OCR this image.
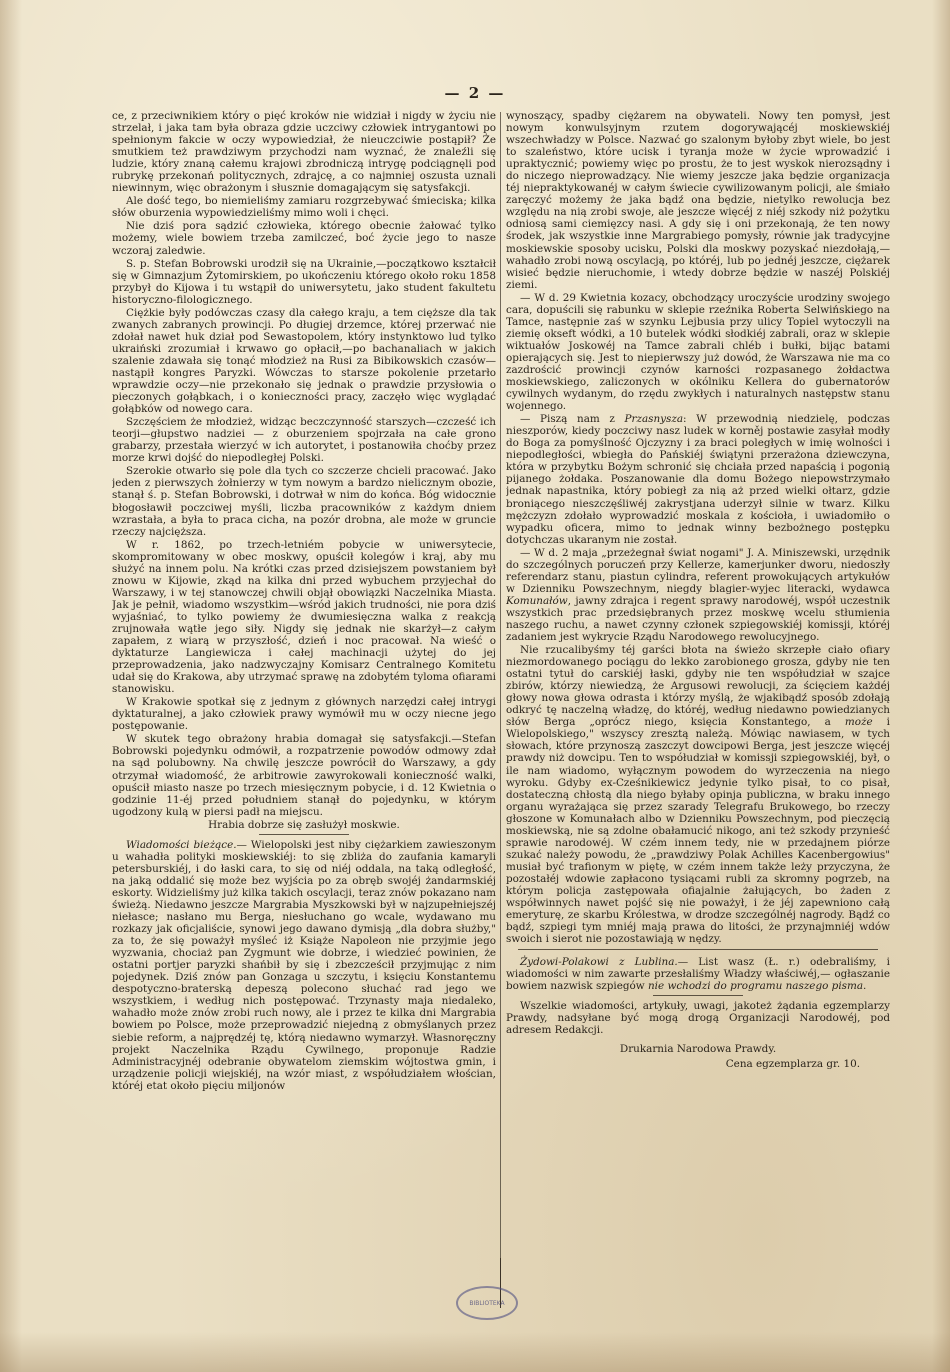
— 2 —

ce, z przeciwnikiem który o pięć kroków nie widział i nigdy w życiu nie strzelał, i jaka tam była obraza gdzie uczciwy człowiek intrygantowi po spełnionym fakcie w oczy wypowiedział, że nieuczciwie postąpił? Że smutkiem też prawdziwym przychodzi nam wyznać, że znaleźli się ludzie, który znaną całemu krajowi zbrodniczą intrygę podciągnęli pod rubrykę przekonań politycznych, zdrajcę, a co najmniej oszusta uznali niewinnym, więc obrażonym i słusznie domagającym się satysfakcji.

Ale dość tego, bo niemieliśmy zamiaru rozgrzebywać śmieciska; kilka słów oburzenia wypowiedzieliśmy mimo woli i chęci.

Nie dziś pora sądzić człowieka, którego obecnie żałować tylko możemy, wiele bowiem trzeba zamilczeć, boć życie jego to nasze wczoraj zaledwie.

S. p. Stefan Bobrowski urodził się na Ukrainie,—początkowo kształcił się w Gimnazjum Żytomirskiem, po ukończeniu którego około roku 1858 przybył do Kijowa i tu wstąpił do uniwersytetu, jako student fakultetu historyczno-filologicznego.

Ciężkie były podówczas czasy dla całego kraju, a tem cięższe dla tak zwanych zabranych prowincji. Po długiej drzemce, której przerwać nie zdołał nawet huk dział pod Sewastopolem, który instynktowo lud tylko ukraiński zrozumiał i krwawo go opłacił,—po bachanaliach w jakich szalenie zdawała się tonąć młodzież na Rusi za Bibikowskich czasów—nastąpił kongres Paryzki. Wówczas to starsze pokolenie przetarło wprawdzie oczy—nie przekonało się jednak o prawdzie przysłowia o pieczonych gołąbkach, i o konieczności pracy, zaczęło więc wyglądać gołąbków od nowego cara.

Szczęściem że młodzież, widząc beczczynność starszych—czcześć ich teorji—głupstwo nadziei — z oburzeniem spojrzała na całe grono grabarzy, przestała wierzyć w ich autorytet, i postanowiła choćby przez morze krwi dojść do niepodległej Polski.

Szerokie otwarło się pole dla tych co szczerze chcieli pracować. Jako jeden z pierwszych żołnierzy w tym nowym a bardzo nielicznym obozie, stanął ś. p. Stefan Bobrowski, i dotrwał w nim do końca. Bóg widocznie błogosławił poczciwej myśli, liczba pracowników z każdym dniem wzrastała, a była to praca cicha, na pozór drobna, ale może w gruncie rzeczy najcięższa.

W r. 1862, po trzech-letniém pobycie w uniwersytecie, skompromitowany w obec moskwy, opuścił kolegów i kraj, aby mu służyć na innem polu. Na krótki czas przed dzisiejszem powstaniem był znowu w Kijowie, zkąd na kilka dni przed wybuchem przyjechał do Warszawy, i w tej stanowczej chwili objął obowiązki Naczelnika Miasta. Jak je pełnił, wiadomo wszystkim—wśród jakich trudności, nie pora dziś wyjaśniać, to tylko powiemy że dwumiesięczna walka z reakcją zrujnowała wątłe jego siły. Nigdy się jednak nie skarżył—z całym zapałem, z wiarą w przyszłość, dzień i noc pracował. Na wieść o dyktaturze Langiewicza i całej machinacji użytej do jej przeprowadzenia, jako nadzwyczajny Komisarz Centralnego Komitetu udał się do Krakowa, aby utrzymać sprawę na zdobytém tyloma ofiarami stanowisku.

W Krakowie spotkał się z jednym z głównych narzędzi całej intrygi dyktaturalnej, a jako człowiek prawy wymówił mu w oczy niecne jego postępowanie.

W skutek tego obrażony hrabia domagał się satysfakcji.—Stefan Bobrowski pojedynku odmówił, a rozpatrzenie powodów odmowy zdał na sąd polubowny. Na chwilę jeszcze powrócił do Warszawy, a gdy otrzymał wiadomość, że arbitrowie zawyrokowali konieczność walki, opuścił miasto nasze po trzech miesięcznym pobycie, i d. 12 Kwietnia o godzinie 11-éj przed południem stanął do pojedynku, w którym ugodzony kulą w piersi padł na miejscu.

Hrabia dobrze się zasłużył moskwie.

Wiadomości bieżące.— Wielopolski jest niby ciężarkiem zawieszonym u wahadła polityki moskiewskiéj: to się zbliża do zaufania kamaryli petersburskiéj, i do łaski cara, to się od niéj oddala, na taką odległość, na jaką oddalić się może bez wyjścia po za obręb swojéj żandarmskiéj eskorty. Widzieliśmy już kilka takich oscylacji, teraz znów pokazano nam świeżą. Niedawno jeszcze Margrabia Myszkowski był w najzupełniejszéj niełasce; nasłano mu Berga, niesłuchano go wcale, wydawano mu rozkazy jak oficjaliście, synowi jego dawano dymisją „dla dobra służby," za to, że się poważył myśleć iż Książe Napoleon nie przyjmie jego wyzwania, chociaż pan Zygmunt wie dobrze, i wiedzieć powinien, że ostatni portjer paryzki shańbił by się i zbezcześcił przyjmując z nim pojedynek. Dziś znów pan Gonzaga u szczytu, i księciu Konstantemu despotyczno-braterską depeszą polecono słuchać rad jego we wszystkiem, i według nich postępować. Trzynasty maja niedaleko, wahadło może znów zrobi ruch nowy, ale i przez te kilka dni Margrabia bowiem po Polsce, może przeprowadzić niejedną z obmyślanych przez siebie reform, a najprędzéj tę, którą niedawno wymarzył. Własnoręczny projekt Naczelnika Rządu Cywilnego, proponuje Radzie Administracyjnéj odebranie obywatelom ziemskim wójtostwa gmin, i urządzenie policji wiejskiéj, na wzór miast, z współudziałem włościan, któréj etat około pięciu miljonów

wynoszący, spadby ciężarem na obywateli. Nowy ten pomysł, jest nowym konwulsyjnym rzutem dogorywającéj moskiewskiéj wszechwładzy w Polsce. Nazwać go szalonym byłoby zbyt wiele, bo jest to szaleństwo, które ucisk i tyranja może w życie wprowadzić i upraktycznić; powiemy więc po prostu, że to jest wyskok nierozsądny i do niczego nieprowadzący. Nie wiemy jeszcze jaka będzie organizacja téj niepraktykowanéj w całym świecie cywilizowanym policji, ale śmiało zaręczyć możemy że jaka bądź ona będzie, nietylko rewolucja bez względu na nią zrobi swoje, ale jeszcze więcéj z niéj szkody niż pożytku odniosą sami ciemięzcy nasi. A gdy się i oni przekonają, że ten nowy środek, jak wszystkie inne Margrabiego pomysły, równie jak tradycyjne moskiewskie sposoby ucisku, Polski dla moskwy pozyskać niezdołają,—wahadło zrobi nową oscylacją, po któréj, lub po jednéj jeszcze, ciężarek wisieć będzie nieruchomie, i wtedy dobrze będzie w naszéj Polskiéj ziemi.

— W d. 29 Kwietnia kozacy, obchodzący uroczyście urodziny swojego cara, dopuścili się rabunku w sklepie rzeźnika Roberta Selwińskiego na Tamce, następnie zaś w szynku Lejbusia przy ulicy Topiel wytoczyli na ziemię okseft wódki, a 10 butelek wódki słodkiéj zabrali, oraz w sklepie wiktuałów Joskowéj na Tamce zabrali chléb i bułki, bijąc batami opierających się. Jest to niepierwszy już dowód, że Warszawa nie ma co zazdrościć prowincji czynów karności rozpasanego żołdactwa moskiewskiego, zaliczonych w okólniku Kellera do gubernatorów cywilnych wydanym, do rzędu zwykłych i naturalnych następstw stanu wojennego.

— Piszą nam z Przasnysza: W przewodnią niedzielę, podczas nieszporów, kiedy poczciwy nasz ludek w korněj postawie zasyłał modły do Boga za pomyślność Ojczyzny i za braci poległych w imię wolności i niepodległości, wbiegła do Pańskiéj świątyni przerażona dziewczyna, która w przybytku Bożym schronić się chciała przed napaścią i pogonią pijanego żołdaka. Poszanowanie dla domu Bożego niepowstrzymało jednak napastnika, który pobiegł za nią aż przed wielki ołtarz, gdzie broniącego nieszczęśliwéj zakrystjana uderzył silnie w twarz. Kilku mężczyzn zdołało wyprowadzić moskala z kościoła, i uwiadomiło o wypadku oficera, mimo to jednak winny bezbożnego postępku dotychczas ukaranym nie został.

— W d. 2 maja „przeżegnał świat nogami" J. A. Miniszewski, urzędnik do szczególnych poruczeń przy Kellerze, kamerjunker dworu, niedoszły referendarz stanu, piastun cylindra, referent prowokujących artykułów w Dzienniku Powszechnym, niegdy blagier-wyjec literacki, wydawca Komunałów, jawny zdrajca i regent sprawy narodowéj, współ uczestnik wszystkich prac przedsiębranych przez moskwę wcelu stłumienia naszego ruchu, a nawet czynny członek szpiegowskiéj komissji, któréj zadaniem jest wykrycie Rządu Narodowego rewolucyjnego.

Nie rzucalibyśmy téj garści błota na świeżo skrzepłe ciało ofiary niezmordowanego pociągu do lekko zarobionego grosza, gdyby nie ten ostatni tytuł do carskiéj łaski, gdyby nie ten współudział w szajce zbirów, którzy niewiedzą, że Argusowi rewolucji, za ścięciem każdéj głowy nowa głowa odrasta i którzy myślą, że wjakibądź sposób zdołają odkryć tę naczelną władzę, do któréj, według niedawno powiedzianych słów Berga „oprócz niego, księcia Konstantego, a może i Wielopolskiego," wszyscy zresztą należą. Mówiąc nawiasem, w tych słowach, które przynoszą zaszczyt dowcipowi Berga, jest jeszcze więcéj prawdy niż dowcipu. Ten to współudział w komissji szpiegowskiéj, był, o ile nam wiadomo, wyłącznym powodem do wyrzeczenia na niego wyroku. Gdyby ex-Cześnikiewicz jedynie tylko pisał, to co pisał, dostateczną chłostą dla niego byłaby opinja publiczna, w braku innego organu wyrażająca się przez szarady Telegrafu Brukowego, bo rzeczy głoszone w Komunałach albo w Dzienniku Powszechnym, pod pieczęcią moskiewską, nie są zdolne obałamucić nikogo, ani też szkody przynieść sprawie narodowéj. W czém innem tedy, nie w przedajnem piórze szukać należy powodu, że „prawdziwy Polak Achilles Kacenbergowius" musiał być trafionym w piętę, w czém innem także leży przyczyna, że pozostałéj wdowie zapłacono tysiącami rubli za skromny pogrzeb, na którym policja zastępowała ofiajalnie żałujących, bo żaden z współwinnych nawet pojść się nie poważył, i że jéj zapewniono całą emeryturę, ze skarbu Królestwa, w drodze szczególnéj nagrody. Bądź co bądź, szpiegi tym mniéj mają prawa do litości, że przynajmniéj wdów swoich i sierot nie pozostawiają w nędzy.

Żydowi-Polakowi z Lublina.— List wasz (Ł. r.) odebraliśmy, i wiadomości w nim zawarte przesłaliśmy Władzy właściwéj,— ogłaszanie bowiem nazwisk szpiegów nie wchodzi do programu naszego pisma.

Wszelkie wiadomości, artykuły, uwagi, jakoteż żądania egzemplarzy Prawdy, nadsyłane być mogą drogą Organizacji Narodowéj, pod adresem Redakcji.

Drukarnia Narodowa Prawdy.

Cena egzemplarza gr. 10.

BIBLIOTEKA
